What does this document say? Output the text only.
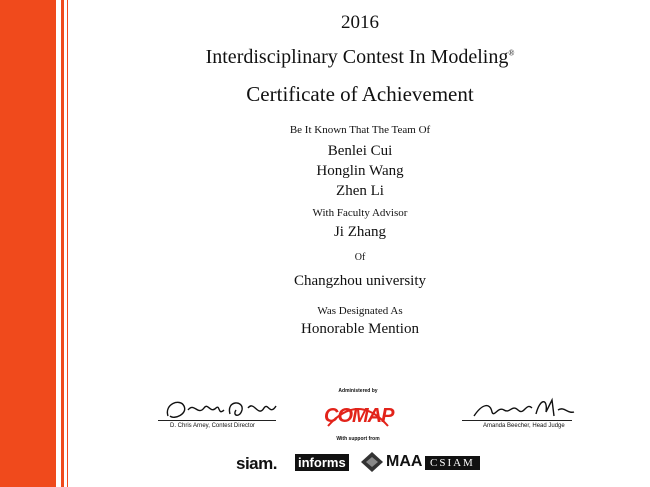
2016
Interdisciplinary Contest In Modeling®
Certificate of Achievement
Be It Known That The Team Of
Benlei Cui
Honglin Wang
Zhen Li
With Faculty Advisor
Ji Zhang
Of
Changzhou university
Was Designated As
Honorable Mention
D. Chris Arney, Contest Director	Amanda Beecher, Head Judge
Administered by
COMAP
With support from
siam. informs	MAA CSIAM
